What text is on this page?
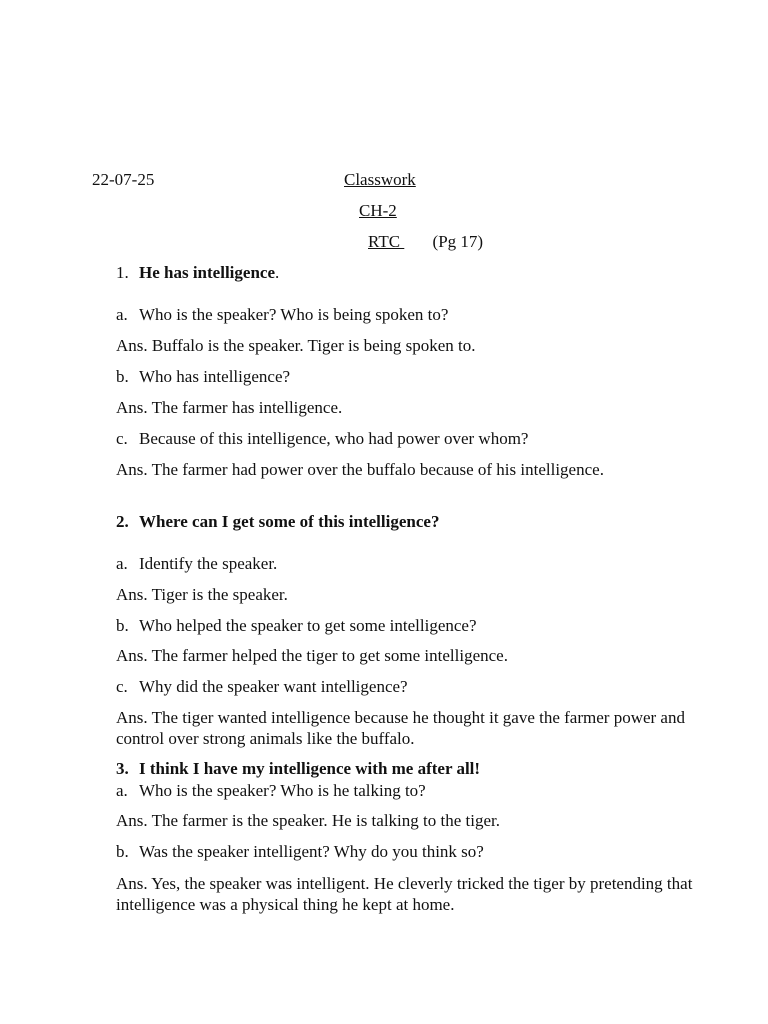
22-07-25	Classwork
CH-2
RTC  (Pg 17)
1. He has intelligence.
a. Who is the speaker? Who is being spoken to?
Ans. Buffalo is the speaker. Tiger is being spoken to.
b. Who has intelligence?
Ans. The farmer has intelligence.
c. Because of this intelligence, who had power over whom?
Ans. The farmer had power over the buffalo because of his intelligence.
2. Where can I get some of this intelligence?
a. Identify the speaker.
Ans. Tiger is the speaker.
b. Who helped the speaker to get some intelligence?
Ans. The farmer helped the tiger to get some intelligence.
c. Why did the speaker want intelligence?
Ans. The tiger wanted intelligence because he thought it gave the farmer power and control over strong animals like the buffalo.
3. I think I have my intelligence with me after all!
a. Who is the speaker? Who is he talking to?
Ans. The farmer is the speaker. He is talking to the tiger.
b. Was the speaker intelligent? Why do you think so?
Ans. Yes, the speaker was intelligent. He cleverly tricked the tiger by pretending that intelligence was a physical thing he kept at home.
